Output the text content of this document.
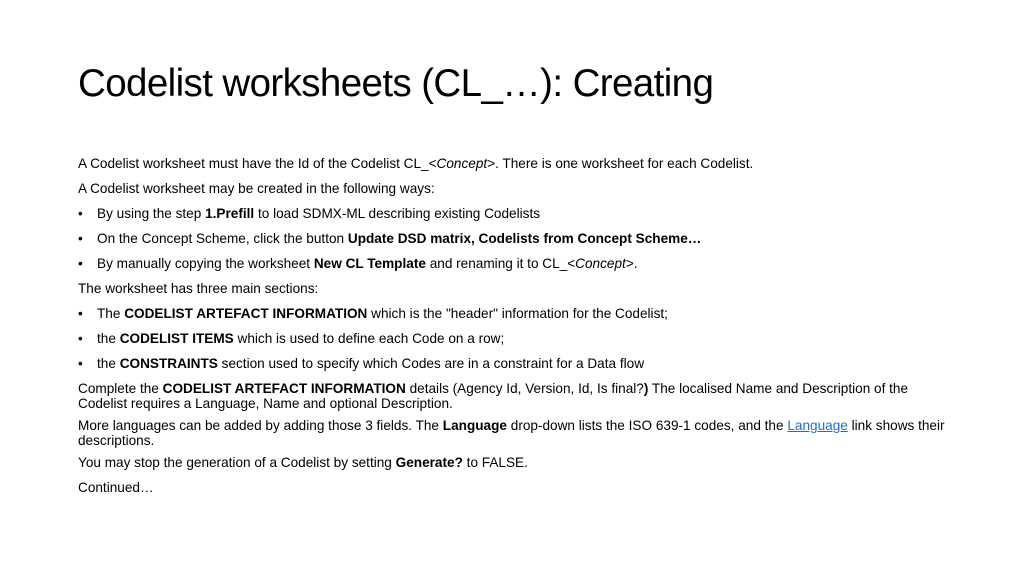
Codelist worksheets (CL_…): Creating
A Codelist worksheet must have the Id of the Codelist CL_<Concept>. There is one worksheet for each Codelist.
A Codelist worksheet may be created in the following ways:
• By using the step 1.Prefill to load SDMX-ML describing existing Codelists
• On the Concept Scheme, click the button Update DSD matrix, Codelists from Concept Scheme…
• By manually copying the worksheet New CL Template and renaming it to CL_<Concept>.
The worksheet has three main sections:
• The CODELIST ARTEFACT INFORMATION which is the "header" information for the Codelist;
• the CODELIST ITEMS which is used to define each Code on a row;
• the CONSTRAINTS section used to specify which Codes are in a constraint for a Data flow
Complete the CODELIST ARTEFACT INFORMATION details (Agency Id, Version, Id, Is final?) The localised Name and Description of the Codelist requires a Language, Name and optional Description.
More languages can be added by adding those 3 fields. The Language drop-down lists the ISO 639-1 codes, and the Language link shows their descriptions.
You may stop the generation of a Codelist by setting Generate? to FALSE.
Continued…
